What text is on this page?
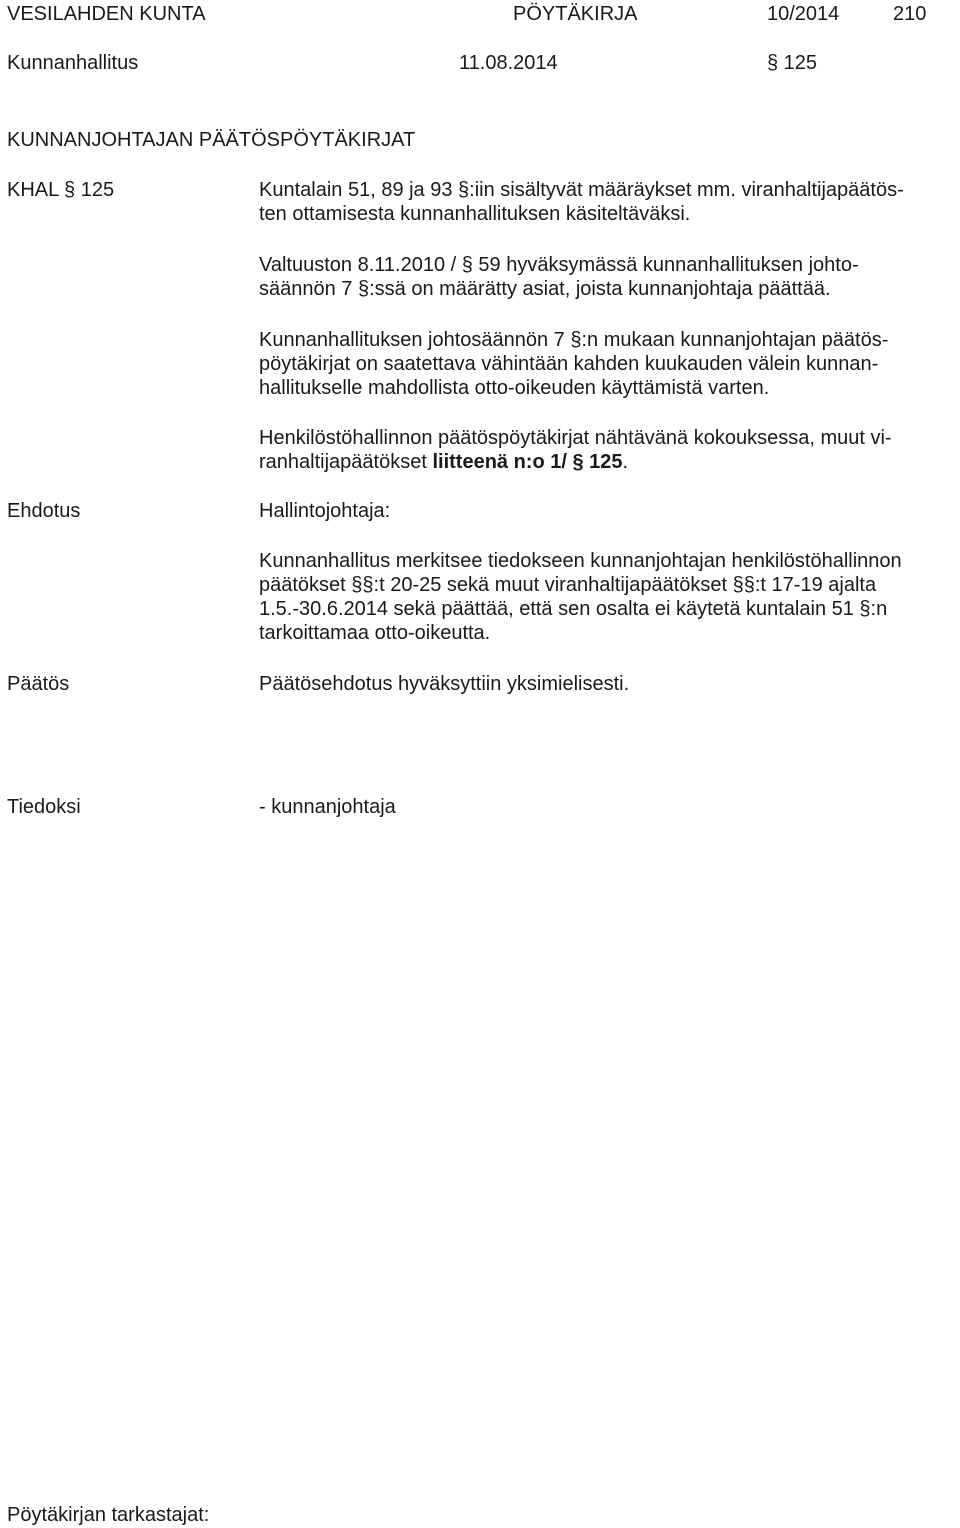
VESILAHDEN KUNTA	PÖYTÄKIRJA	10/2014	210
Kunnanhallitus	11.08.2014	§ 125
KUNNANJOHTAJAN PÄÄTÖSPÖYTÄKIRJAT
KHAL § 125	Kuntalain 51, 89 ja 93 §:iin sisältyvät määräykset mm. viranhaltijapäätös-
ten ottamisesta kunnanhallituksen käsiteltäväksi.
Valtuuston 8.11.2010 / § 59 hyväksymässä kunnanhallituksen johto-
säännön 7 §:ssä on määrätty asiat, joista kunnanjohtaja päättää.
Kunnanhallituksen johtosäännön 7 §:n mukaan kunnanjohtajan päätös-
pöytäkirjat on saatettava vähintään kahden kuukauden välein kunnan-
hallitukselle mahdollista otto-oikeuden käyttämistä varten.
Henkilöstöhallinnon päätöspöytäkirjat nähtävänä kokouksessa, muut vi-
ranhaltijapäätökset liitteenä n:o 1/ § 125.
Ehdotus	Hallintojohtaja:
Kunnanhallitus merkitsee tiedokseen kunnanjohtajan henkilöstöhallinnon
päätökset §§:t 20-25 sekä muut viranhaltijapäätökset §§:t 17-19 ajalta
1.5.-30.6.2014 sekä päättää, että sen osalta ei käytetä kuntalain 51 §:n
tarkoittamaa otto-oikeutta.
Päätös	Päätösehdotus hyväksyttiin yksimielisesti.
Tiedoksi	- kunnanjohtaja
Pöytäkirjan tarkastajat:
